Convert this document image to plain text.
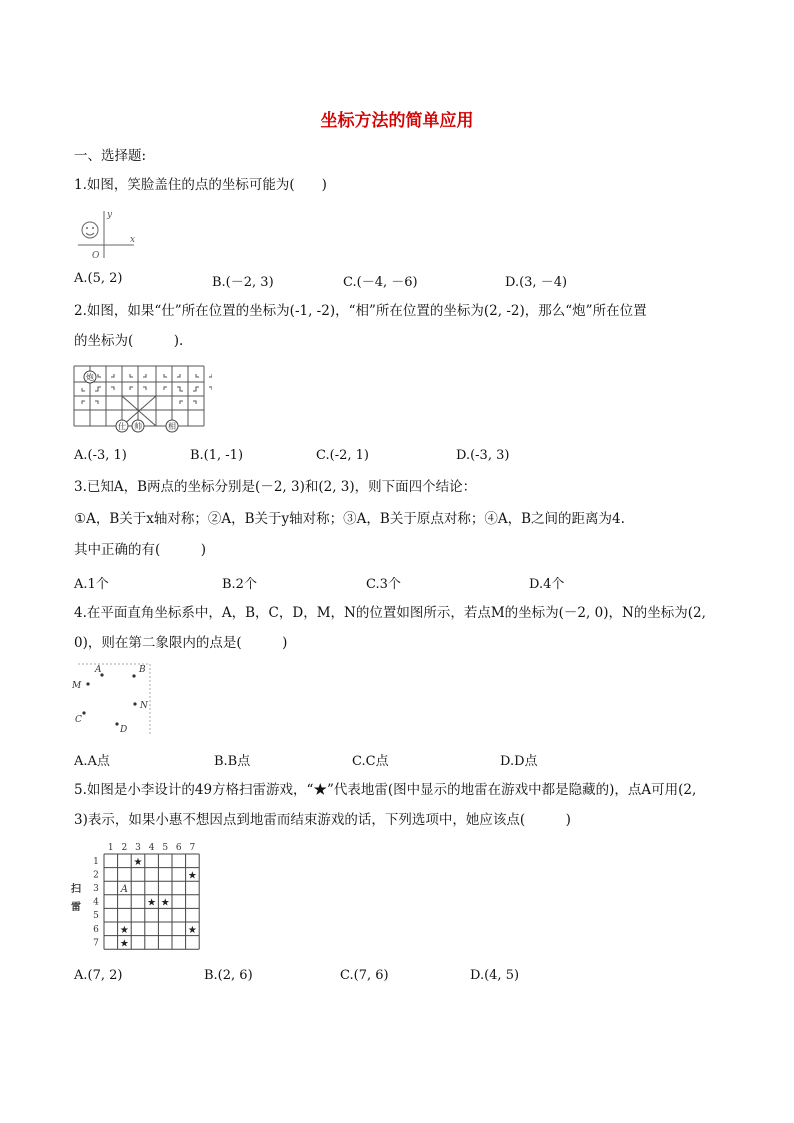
坐标方法的简单应用
一、选择题:
1.如图，笑脸盖住的点的坐标可能为(　　)
y
x
O
A.(5, 2)	B.(－2, 3)	C.(－4, －6)	D.(3, －4)
2.如图，如果“仕”所在位置的坐标为(-1, -2)，“相”所在位置的坐标为(2, -2)，那么“炮”所在位置
的坐标为(　　　).
炮
仕 帅	相
A.(-3, 1)	B.(1, -1)	C.(-2, 1)	D.(-3, 3)
3.已知A，B两点的坐标分别是(－2, 3)和(2, 3)，则下面四个结论：
①A，B关于x轴对称；②A，B关于y轴对称；③A，B关于原点对称；④A，B之间的距离为4.
其中正确的有(　　　)
A.1个	B.2个	C.3个	D.4个
4.在平面直角坐标系中，A，B，C，D，M，N的位置如图所示，若点M的坐标为(－2, 0)，N的坐标为(2,
0)，则在第二象限内的点是(　　　)
A	B
M
N
C
D
A.A点	B.B点	C.C点	D.D点
5.如图是小李设计的49方格扫雷游戏，“★”代表地雷(图中显示的地雷在游戏中都是隐藏的)，点A可用(2,
3)表示，如果小惠不想因点到地雷而结束游戏的话，下列选项中，她应该点(　　　)
1 2 3 4 5 6 7
1
2
3
4
5
6
7
扫
雷
A
★
★
★ ★
★	★
★
A.(7, 2)	B.(2, 6)	C.(7, 6)	D.(4, 5)
